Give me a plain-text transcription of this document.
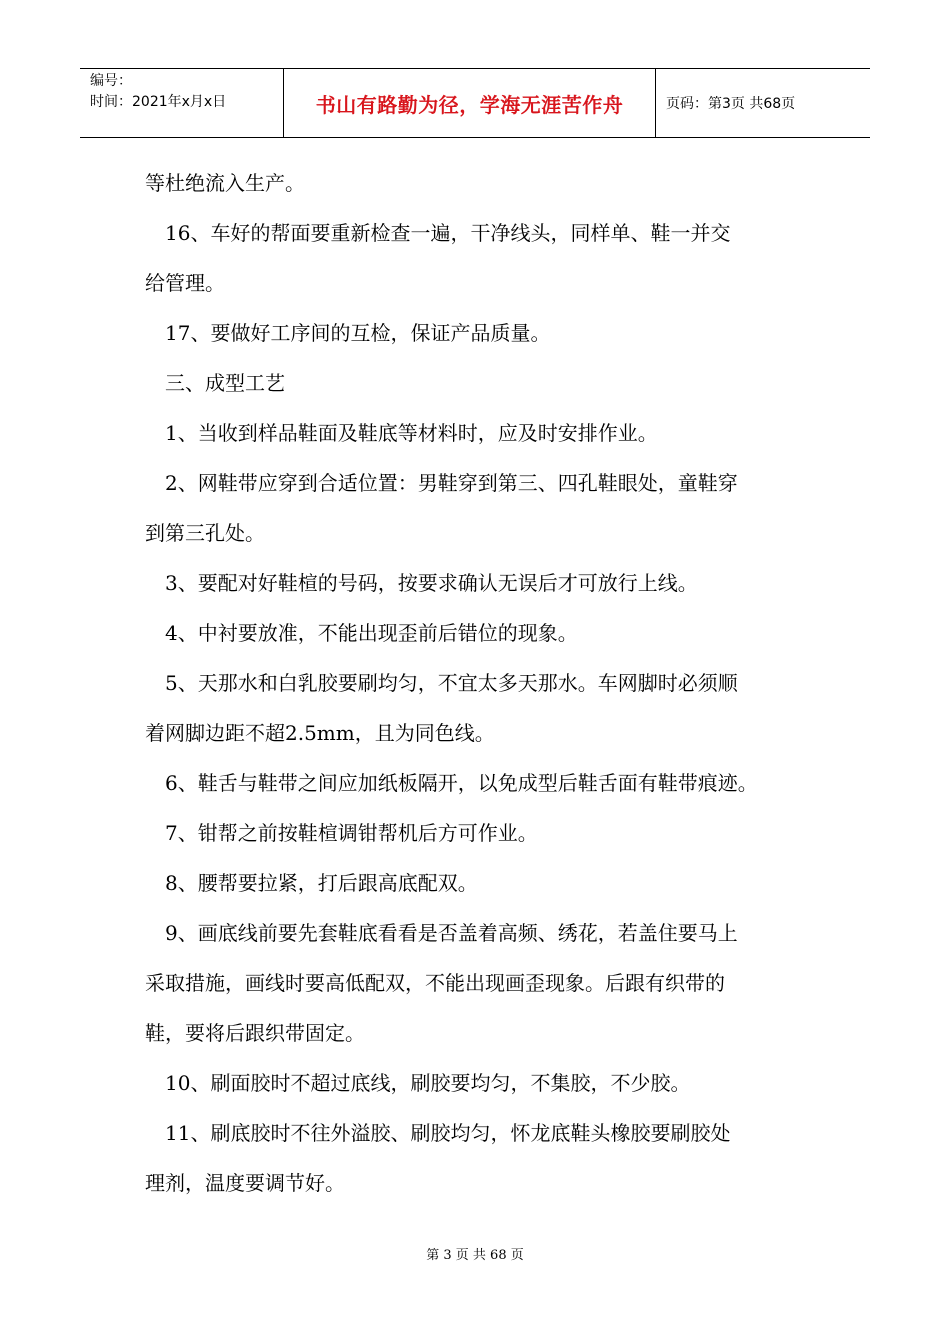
编号：
时间：2021年x月x日	书山有路勤为径，学海无涯苦作舟	页码：第3页 共68页
等杜绝流入生产。
16、车好的帮面要重新检查一遍，干净线头，同样单、鞋一并交
给管理。
17、要做好工序间的互检，保证产品质量。
三、成型工艺
1、当收到样品鞋面及鞋底等材料时，应及时安排作业。
2、网鞋带应穿到合适位置：男鞋穿到第三、四孔鞋眼处，童鞋穿
到第三孔处。
3、要配对好鞋楦的号码，按要求确认无误后才可放行上线。
4、中衬要放准，不能出现歪前后错位的现象。
5、天那水和白乳胶要刷均匀，不宜太多天那水。车网脚时必须顺
着网脚边距不超2.5mm，且为同色线。
6、鞋舌与鞋带之间应加纸板隔开，以免成型后鞋舌面有鞋带痕迹。
7、钳帮之前按鞋楦调钳帮机后方可作业。
8、腰帮要拉紧，打后跟高底配双。
9、画底线前要先套鞋底看看是否盖着高频、绣花，若盖住要马上
采取措施，画线时要高低配双，不能出现画歪现象。后跟有织带的
鞋，要将后跟织带固定。
10、刷面胶时不超过底线，刷胶要均匀，不集胶，不少胶。
11、刷底胶时不往外溢胶、刷胶均匀，怀龙底鞋头橡胶要刷胶处
理剂，温度要调节好。
第 3 页 共 68 页
